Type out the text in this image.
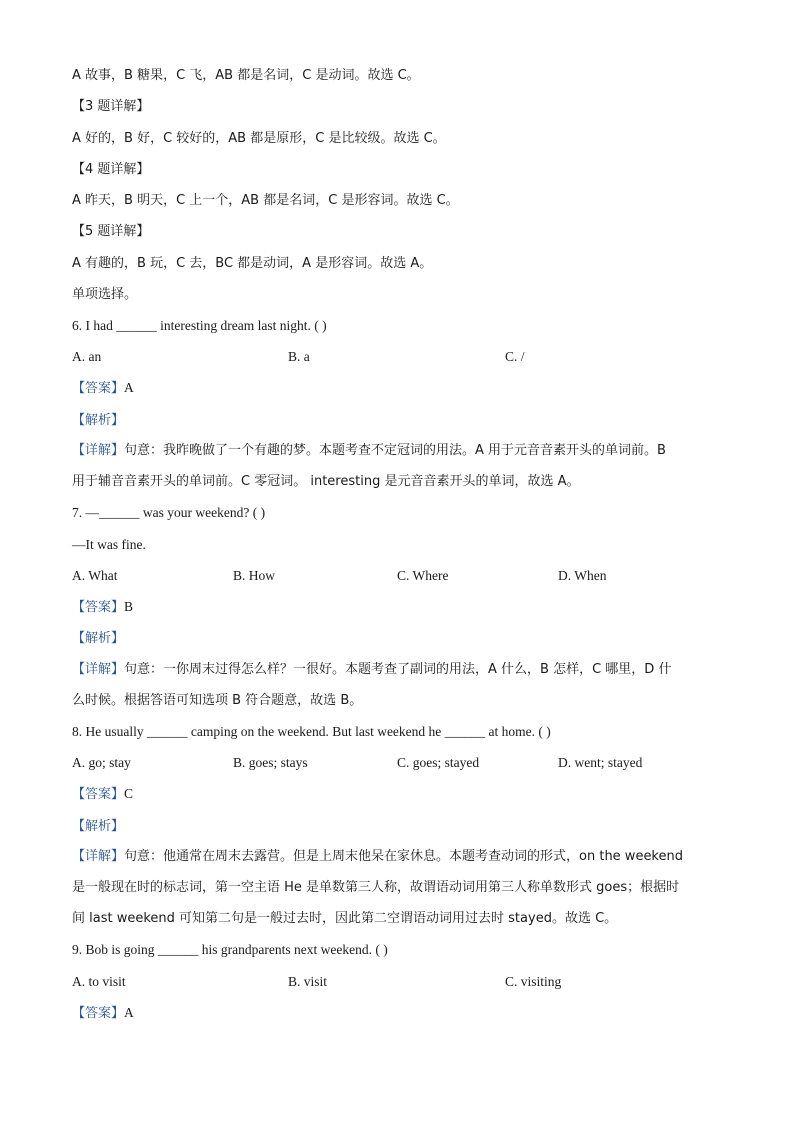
A 故事，B 糖果，C 飞，AB 都是名词，C 是动词。故选 C。
【3 题详解】
A 好的，B 好，C 较好的，AB 都是原形，C 是比较级。故选 C。
【4 题详解】
A 昨天，B 明天，C 上一个，AB 都是名词，C 是形容词。故选 C。
【5 题详解】
A 有趣的，B 玩，C 去，BC 都是动词，A 是形容词。故选 A。
单项选择。
6. I had ______ interesting dream last night. ( )
A. an	B. a	C. /
【答案】A
【解析】
【详解】句意：我昨晚做了一个有趣的梦。本题考查不定冠词的用法。A 用于元音音素开头的单词前。B
用于辅音音素开头的单词前。C 零冠词。 interesting 是元音音素开头的单词，故选 A。
7. —______ was your weekend? ( )
—It was fine.
A. What	B. How	C. Where	D. When
【答案】B
【解析】
【详解】句意：一你周末过得怎么样？一很好。本题考查了副词的用法，A 什么，B 怎样，C 哪里，D 什
么时候。根据答语可知选项 B 符合题意，故选 B。
8. He usually ______ camping on the weekend. But last weekend he ______ at home. ( )
A. go; stay	B. goes; stays	C. goes; stayed	D. went; stayed
【答案】C
【解析】
【详解】句意：他通常在周末去露营。但是上周末他呆在家休息。本题考查动词的形式，on the weekend
是一般现在时的标志词，第一空主语 He 是单数第三人称，故谓语动词用第三人称单数形式 goes；根据时
间 last weekend 可知第二句是一般过去时，因此第二空谓语动词用过去时 stayed。故选 C。
9. Bob is going ______ his grandparents next weekend. ( )
A. to visit	B. visit	C. visiting
【答案】A
